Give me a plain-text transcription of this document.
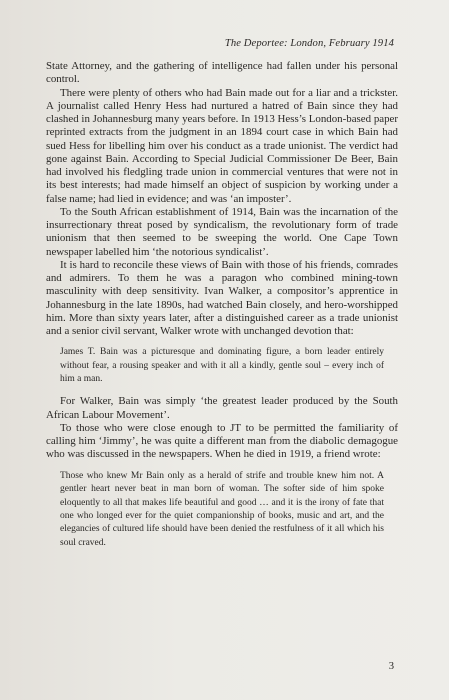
The Deportee: London, February 1914

State Attorney, and the gathering of intelligence had fallen under his personal control.

There were plenty of others who had Bain made out for a liar and a trickster. A journalist called Henry Hess had nurtured a hatred of Bain since they had clashed in Johannesburg many years before. In 1913 Hess’s London-based paper reprinted extracts from the judgment in an 1894 court case in which Bain had sued Hess for libelling him over his conduct as a trade unionist. The verdict had gone against Bain. According to Special Judicial Commissioner De Beer, Bain had involved his fledgling trade union in commercial ventures that were not in its best interests; had made himself an object of suspicion by working under a false name; had lied in evidence; and was ‘an imposter’.

To the South African establishment of 1914, Bain was the incarnation of the insurrectionary threat posed by syndicalism, the revolutionary form of trade unionism that then seemed to be sweeping the world. One Cape Town newspaper labelled him ‘the notorious syndicalist’.

It is hard to reconcile these views of Bain with those of his friends, comrades and admirers. To them he was a paragon who combined mining-town masculinity with deep sensitivity. Ivan Walker, a compositor’s apprentice in Johannesburg in the late 1890s, had watched Bain closely, and hero-worshipped him. More than sixty years later, after a distinguished career as a trade unionist and a senior civil servant, Walker wrote with unchanged devotion that:

James T. Bain was a picturesque and dominating figure, a born leader entirely without fear, a rousing speaker and with it all a kindly, gentle soul – every inch of him a man.

For Walker, Bain was simply ‘the greatest leader produced by the South African Labour Movement’.

To those who were close enough to JT to be permitted the familiarity of calling him ‘Jimmy’, he was quite a different man from the diabolic demagogue who was discussed in the newspapers. When he died in 1919, a friend wrote:

Those who knew Mr Bain only as a herald of strife and trouble knew him not. A gentler heart never beat in man born of woman. The softer side of him spoke eloquently to all that makes life beautiful and good … and it is the irony of fate that one who longed ever for the quiet companionship of books, music and art, and the elegancies of cultured life should have been denied the restfulness of it all which his soul craved.

3
